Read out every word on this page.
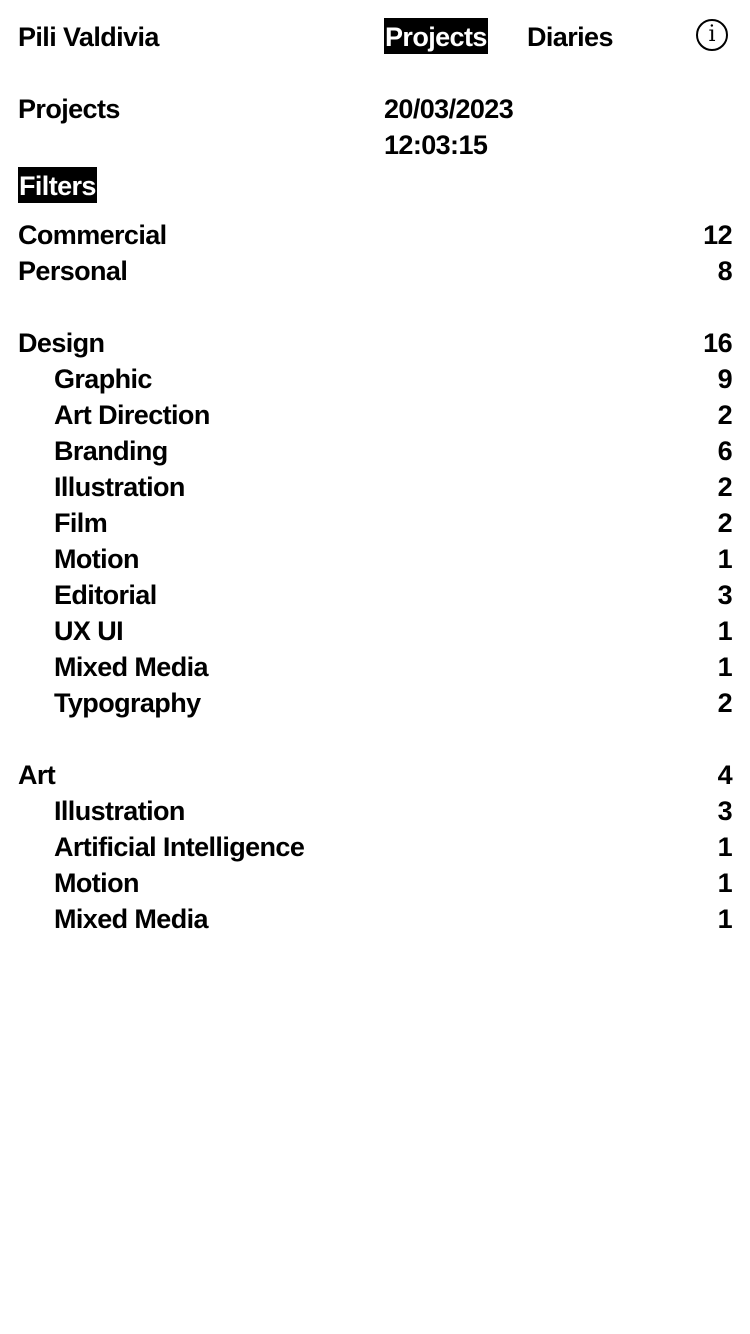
Pili Valdivia	Projects Diaries	i
Projects	20/03/2023
12:03:15
Filters
Commercial	12
Personal	8
Design	16
Graphic	9
Art Direction	2
Branding	6
Illustration	2
Film	2
Motion	1
Editorial	3
UX UI	1
Mixed Media	1
Typography	2
Art	4
Illustration	3
Artificial Intelligence	1
Motion	1
Mixed Media	1
